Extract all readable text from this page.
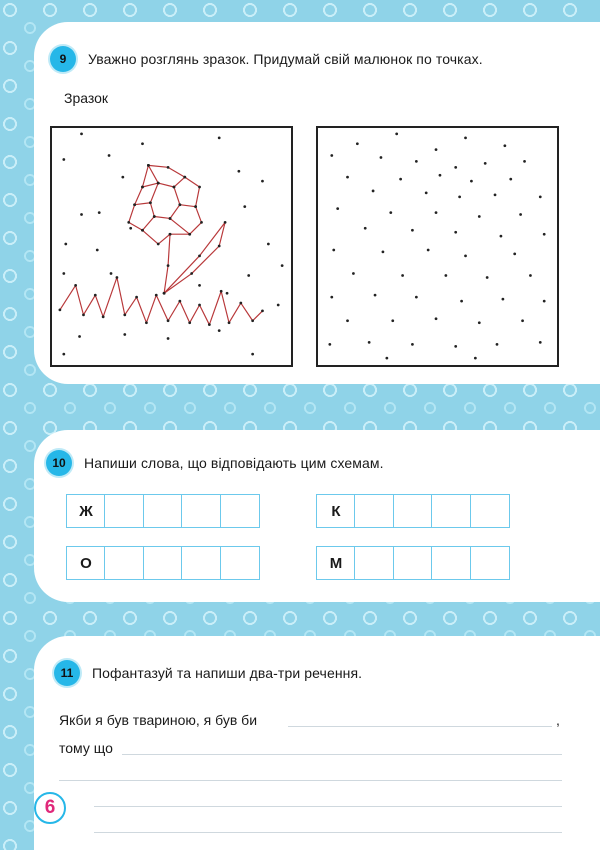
9	Уважно розглянь зразок. Придумай свій малюнок по точках.
Зразок
10	Напиши слова, що відповідають цим схемам.
Ж	К
О	М
11	Пофантазуй та напиши два-три речення.
Якби я був твариною, я був би	,
тому що
6
